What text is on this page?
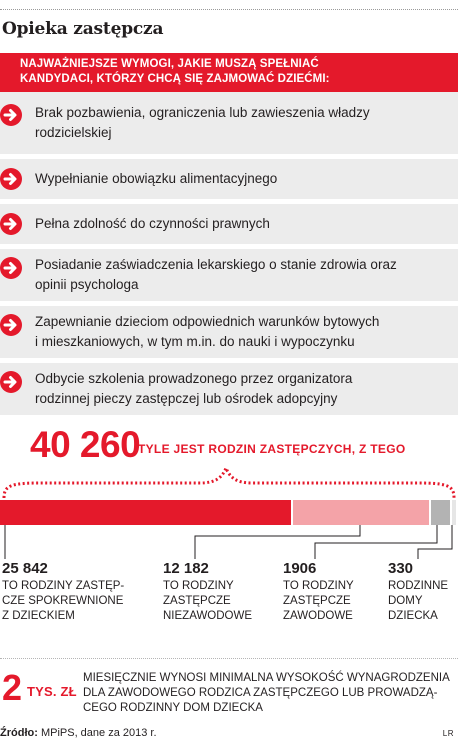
Opieka zastępcza
NAJWAŻNIEJSZE WYMOGI, JAKIE MUSZĄ SPEŁNIAĆ
KANDYDACI, KTÓRZY CHCĄ SIĘ ZAJMOWAĆ DZIEĆMI:
Brak pozbawienia, ograniczenia lub zawieszenia władzy
rodzicielskiej
Wypełnianie obowiązku alimentacyjnego
Pełna zdolność do czynności prawnych
Posiadanie zaświadczenia lekarskiego o stanie zdrowia oraz
opinii psychologa
Zapewnianie dzieciom odpowiednich warunków bytowych
i mieszkaniowych, w tym m.in. do nauki i wypoczynku
Odbycie szkolenia prowadzonego przez organizatora
rodzinnej pieczy zastępczej lub ośrodek adopcyjny
40 260
TYLE JEST RODZIN ZASTĘPCZYCH, Z TEGO
25 842
TO RODZINY ZASTĘP-
CZE SPOKREWNIONE
Z DZIECKIEM
12 182
TO RODZINY
ZASTĘPCZE
NIEZAWODOWE
1906
TO RODZINY
ZASTĘPCZE
ZAWODOWE
330
RODZINNE
DOMY
DZIECKA
2 TYS. ZŁ
MIESIĘCZNIE WYNOSI MINIMALNA WYSOKOŚĆ WYNAGRODZENIA
DLA ZAWODOWEGO RODZICA ZASTĘPCZEGO LUB PROWADZĄ-
CEGO RODZINNY DOM DZIECKA
Źródło: MPiPS, dane za 2013 r.	LR
